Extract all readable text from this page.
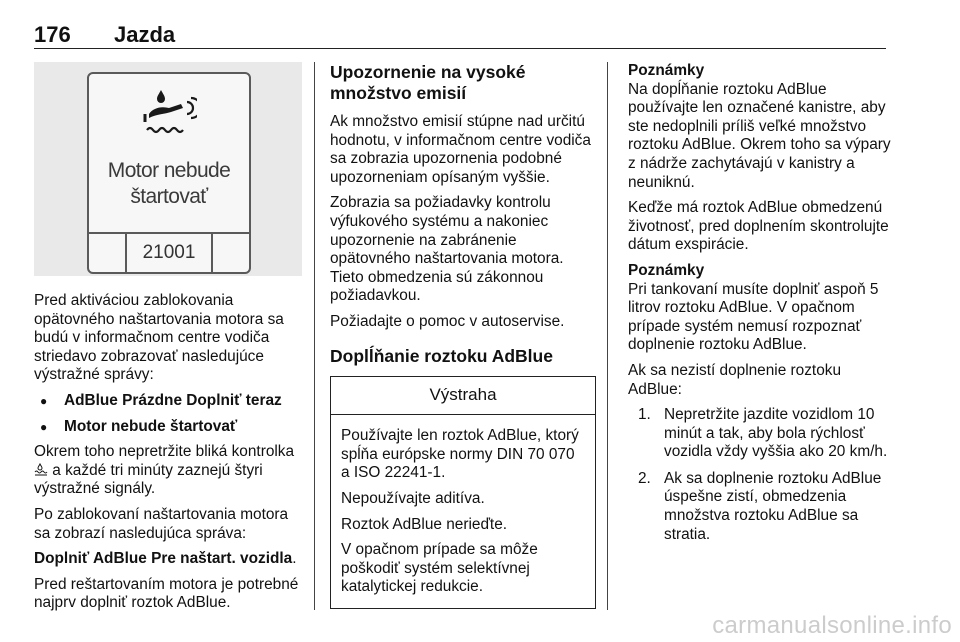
176 Jazda
Motor nebude
štartovať
21001

Pred aktiváciou zablokovania opätovného naštartovania motora sa budú v informačnom centre vodiča striedavo zobrazovať nasledujúce výstražné správy:

● AdBlue Prázdne Doplniť teraz
● Motor nebude štartovať

Okrem toho nepretržite bliká kontrolka  a každé tri minúty zaznejú štyri výstražné signály.

Po zablokovaní naštartovania motora sa zobrazí nasledujúca správa:

Doplniť AdBlue Pre naštart. vozidla.

Pred reštartovaním motora je potrebné najprv doplniť roztok AdBlue.

Upozornenie na vysoké množstvo emisií

Ak množstvo emisií stúpne nad určitú hodnotu, v informačnom centre vodiča sa zobrazia upozornenia podobné upozorneniam opísaným vyššie.

Zobrazia sa požiadavky kontrolu výfukového systému a nakoniec upozornenie na zabránenie opätovného naštartovania motora. Tieto obmedzenia sú zákonnou požiadavkou.

Požiadajte o pomoc v autoservise.

Doplĺňanie roztoku AdBlue
Výstraha

Používajte len roztok AdBlue, ktorý spĺňa európske normy DIN 70 070 a ISO 22241-1.

Nepoužívajte aditíva.

Roztok AdBlue nerieďte.

V opačnom prípade sa môže poškodiť systém selektívnej katalytickej redukcie.

Poznámky

Na dopĺňanie roztoku AdBlue používajte len označené kanistre, aby ste nedoplnili príliš veľké množstvo roztoku AdBlue. Okrem toho sa výpary z nádrže zachytávajú v kanistry a neuniknú.

Keďže má roztok AdBlue obmedzenú životnosť, pred doplnením skontrolujte dátum exspirácie.

Poznámky

Pri tankovaní musíte doplniť aspoň 5 litrov roztoku AdBlue. V opačnom prípade systém nemusí rozpoznať doplnenie roztoku AdBlue.

Ak sa nezistí doplnenie roztoku AdBlue:

1. Nepretržite jazdite vozidlom 10 minút a tak, aby bola rýchlosť vozidla vždy vyššia ako 20 km/h.
2. Ak sa doplnenie roztoku AdBlue úspešne zistí, obmedzenia množstva roztoku AdBlue sa stratia.
carmanualsonline.info
